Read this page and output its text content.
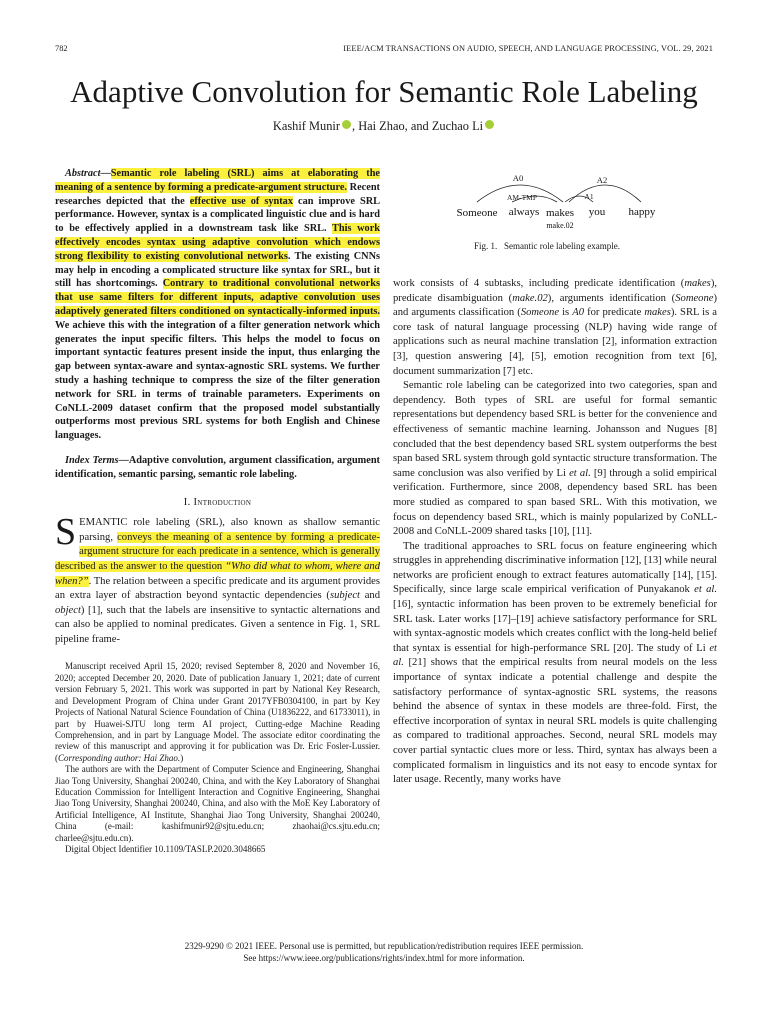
782	IEEE/ACM TRANSACTIONS ON AUDIO, SPEECH, AND LANGUAGE PROCESSING, VOL. 29, 2021
Adaptive Convolution for Semantic Role Labeling
Kashif Munir , Hai Zhao, and Zuchao Li

Abstract—Semantic role labeling (SRL) aims at elaborating the meaning of a sentence by forming a predicate-argument structure. Recent researches depicted that the effective use of syntax can improve SRL performance. However, syntax is a complicated linguistic clue and is hard to be effectively applied in a downstream task like SRL. This work effectively encodes syntax using adaptive convolution which endows strong flexibility to existing convolutional networks. The existing CNNs may help in encoding a complicated structure like syntax for SRL, but it still has shortcomings. Contrary to traditional convolutional networks that use same filters for different inputs, adaptive convolution uses adaptively generated filters conditioned on syntactically-informed inputs. We achieve this with the integration of a filter generation network which generates the input specific filters. This helps the model to focus on important syntactic features present inside the input, thus enlarging the gap between syntax-aware and syntax-agnostic SRL systems. We further study a hashing technique to compress the size of the filter generation network for SRL in terms of trainable parameters. Experiments on CoNLL-2009 dataset confirm that the proposed model substantially outperforms most previous SRL systems for both English and Chinese languages.

Index Terms—Adaptive convolution, argument classification, argument identification, semantic parsing, semantic role labeling.

I. Introduction

SEMANTIC role labeling (SRL), also known as shallow semantic parsing, conveys the meaning of a sentence by forming a predicate-argument structure for each predicate in a sentence, which is generally described as the answer to the question “Who did what to whom, where and when?”. The relation between a specific predicate and its argument provides an extra layer of abstraction beyond syntactic dependencies (subject and object) [1], such that the labels are insensitive to syntactic alternations and can also be applied to nominal predicates. Given a sentence in Fig. 1, SRL pipeline frame-

Manuscript received April 15, 2020; revised September 8, 2020 and November 16, 2020; accepted December 20, 2020. Date of publication January 1, 2021; date of current version February 5, 2021. This work was supported in part by National Key Research, and Development Program of China under Grant 2017YFB0304100, in part by Key Projects of National Natural Science Foundation of China (U1836222, and 61733011), in part by Huawei-SJTU long term AI project, Cutting-edge Machine Reading Comprehension, and in part by Language Model. The associate editor coordinating the review of this manuscript and approving it for publication was Dr. Eric Fosler-Lussier. (Corresponding author: Hai Zhao.)

The authors are with the Department of Computer Science and Engineering, Shanghai Jiao Tong University, Shanghai 200240, China, and with the Key Laboratory of Shanghai Education Commission for Intelligent Interaction and Cognitive Engineering, Shanghai Jiao Tong University, Shanghai 200240, China, and also with the MoE Key Laboratory of Artificial Intelligence, AI Institute, Shanghai Jiao Tong University, Shanghai 200240, China (e-mail: kashifmunir92@sjtu.edu.cn; zhaohai@cs.sjtu.edu.cn; charlee@sjtu.edu.cn).

Digital Object Identifier 10.1109/TASLP.2020.3048665

A0
AM-TMP	A1
A2
Someone always makes you happy
make.02
Fig. 1. Semantic role labeling example.

work consists of 4 subtasks, including predicate identification (makes), predicate disambiguation (make.02), arguments identification (Someone) and arguments classification (Someone is A0 for predicate makes). SRL is a core task of natural language processing (NLP) having wide range of applications such as neural machine translation [2], information extraction [3], question answering [4], [5], emotion recognition from text [6], document summarization [7] etc.

Semantic role labeling can be categorized into two categories, span and dependency. Both types of SRL are useful for formal semantic representations but dependency based SRL is better for the convenience and effectiveness of semantic machine learning. Johansson and Nugues [8] concluded that the best dependency based SRL system outperforms the best span based SRL system through gold syntactic structure transformation. The same conclusion was also verified by Li et al. [9] through a solid empirical verification. Furthermore, since 2008, dependency based SRL has been more studied as compared to span based SRL. With this motivation, we focus on dependency based SRL, which is mainly popularized by CoNLL-2008 and CoNLL-2009 shared tasks [10], [11].

The traditional approaches to SRL focus on feature engineering which struggles in apprehending discriminative information [12], [13] while neural networks are proficient enough to extract features automatically [14], [15]. Specifically, since large scale empirical verification of Punyakanok et al. [16], syntactic information has been proven to be extremely beneficial for SRL task. Later works [17]–[19] achieve satisfactory performance for SRL with syntax-agnostic models which creates conflict with the long-held belief that syntax is essential for high-performance SRL [20]. The study of Li et al. [21] shows that the empirical results from neural models on the less importance of syntax indicate a potential challenge and despite the satisfactory performance of syntax-agnostic SRL systems, the reasons behind the absence of syntax in these models are three-fold. First, the effective incorporation of syntax in neural SRL models is quite challenging as compared to traditional approaches. Second, neural SRL models may cover partial syntactic clues more or less. Third, syntax has always been a complicated formalism in linguistics and its not easy to encode syntax for later usage. Recently, many works have

2329-9290 © 2021 IEEE. Personal use is permitted, but republication/redistribution requires IEEE permission.
See https://www.ieee.org/publications/rights/index.html for more information.
